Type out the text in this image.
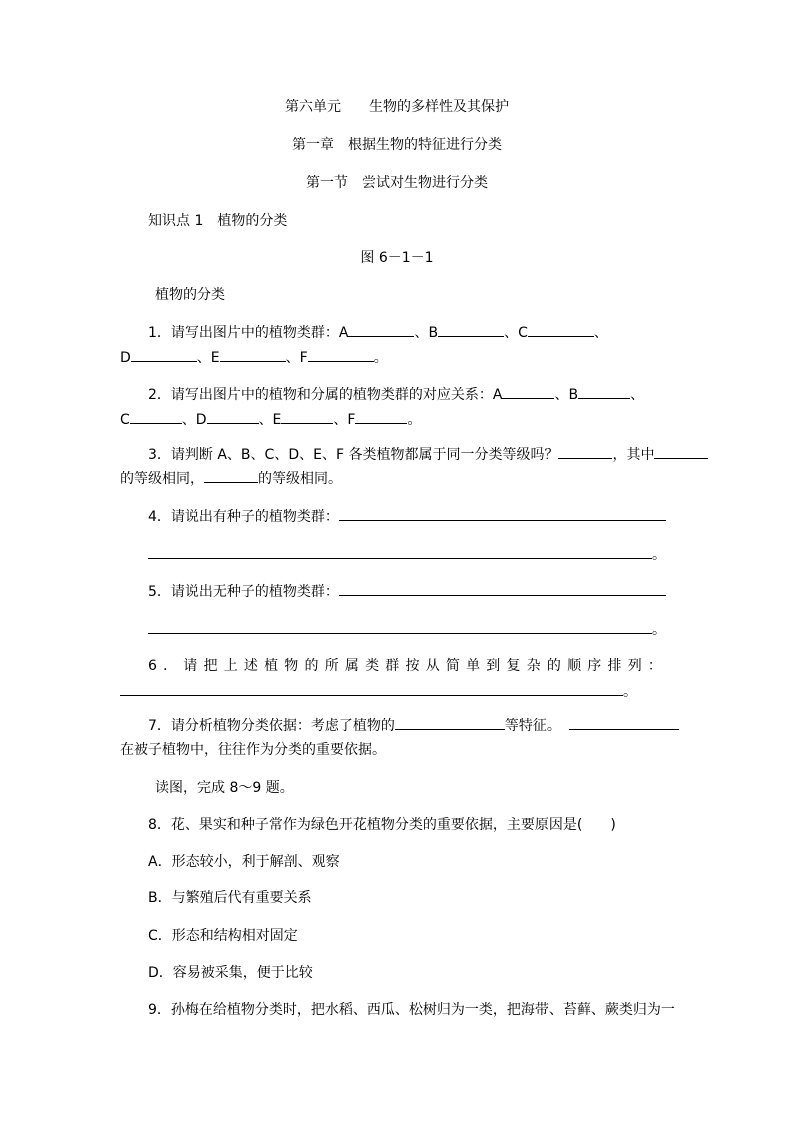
第六单元 生物的多样性及其保护
第一章　根据生物的特征进行分类
第一节　尝试对生物进行分类
知识点 1　植物的分类
图 6－1－1
植物的分类
1．请写出图片中的植物类群：A	、B	、C	、
D	、E	、F	。
2．请写出图片中的植物和分属的植物类群的对应关系：A	、B	、
C	、D	、E	、F	。
3．请判断 A、B、C、D、E、F 各类植物都属于同一分类等级吗？	，其中
的等级相同，	的等级相同。
4．请说出有种子的植物类群：
。
5．请说出无种子的植物类群：
。
6．请把上述植物的所属类群按从简单到复杂的顺序排列：
。
7．请分析植物分类依据：考虑了植物的	等特征。
在被子植物中，往往作为分类的重要依据。
读图，完成 8～9 题。
8．花、果实和种子常作为绿色开花植物分类的重要依据，主要原因是(　　)
A．形态较小，利于解剖、观察
B．与繁殖后代有重要关系
C．形态和结构相对固定
D．容易被采集，便于比较
9．孙梅在给植物分类时，把水稻、西瓜、松树归为一类，把海带、苔藓、蕨类归为一
